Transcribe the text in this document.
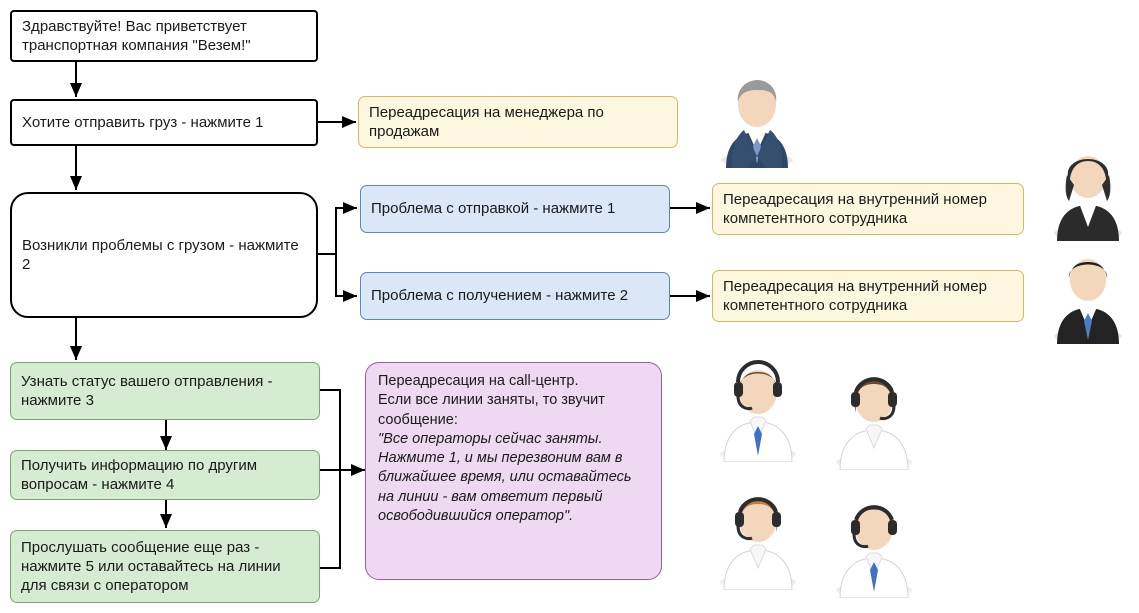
Здравствуйте! Вас приветствует транспортная компания "Везем!"
Хотите отправить груз - нажмите 1
Переадресация на менеджера по продажам
Возникли проблемы с грузом - нажмите 2
Проблема с отправкой - нажмите 1
Проблема с получением - нажмите 2
Переадресация на внутренний номер компетентного сотрудника
Переадресация на внутренний номер компетентного сотрудника
Узнать статус вашего отправления - нажмите 3
Получить информацию по другим вопросам - нажмите 4
Прослушать сообщение еще раз - нажмите 5 или оставайтесь на линии для связи с оператором
Переадресация на call-центр.
Если все линии заняты, то звучит
сообщение:
"Все операторы сейчас заняты. Нажмите 1, и мы перезвоним вам в ближайшее время, или оставайтесь на линии - вам ответит первый освободившийся оператор".
